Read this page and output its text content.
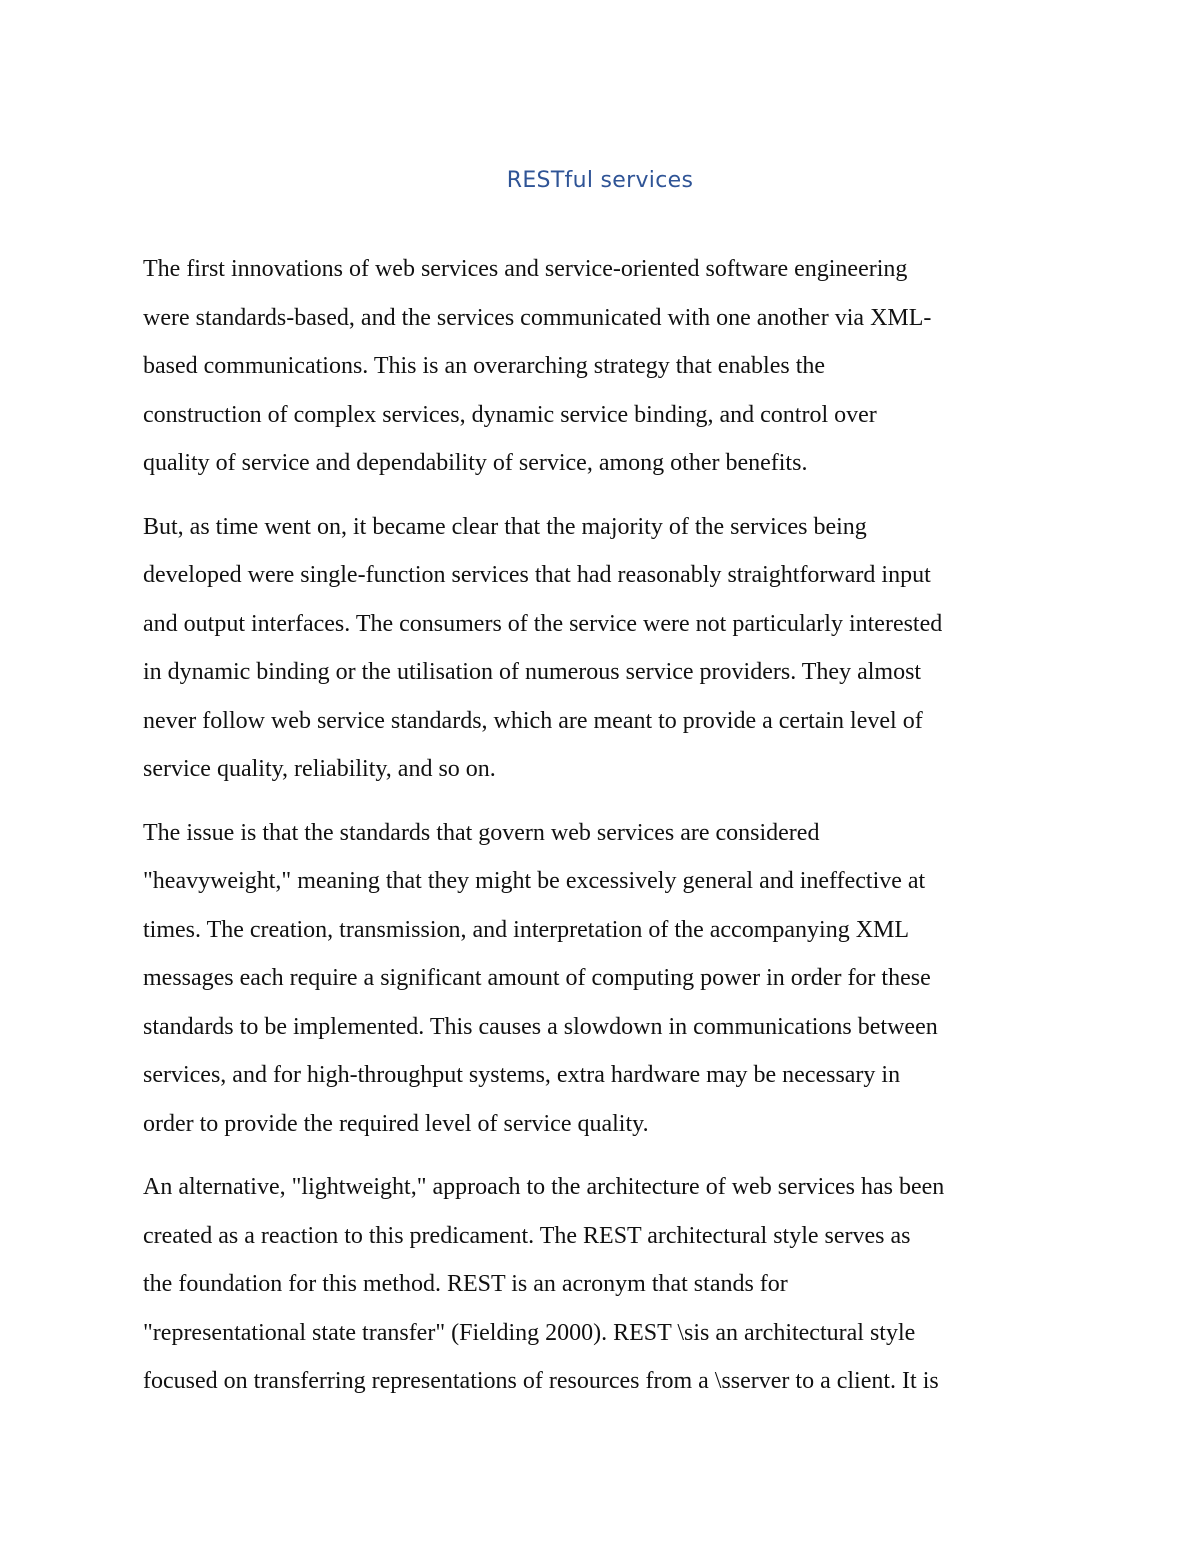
RESTful services

The first innovations of web services and service-oriented software engineering
were standards-based, and the services communicated with one another via XML-
based communications. This is an overarching strategy that enables the
construction of complex services, dynamic service binding, and control over
quality of service and dependability of service, among other benefits.

But, as time went on, it became clear that the majority of the services being
developed were single-function services that had reasonably straightforward input
and output interfaces. The consumers of the service were not particularly interested
in dynamic binding or the utilisation of numerous service providers. They almost
never follow web service standards, which are meant to provide a certain level of
service quality, reliability, and so on.

The issue is that the standards that govern web services are considered
"heavyweight," meaning that they might be excessively general and ineffective at
times. The creation, transmission, and interpretation of the accompanying XML
messages each require a significant amount of computing power in order for these
standards to be implemented. This causes a slowdown in communications between
services, and for high-throughput systems, extra hardware may be necessary in
order to provide the required level of service quality.

An alternative, "lightweight," approach to the architecture of web services has been
created as a reaction to this predicament. The REST architectural style serves as
the foundation for this method. REST is an acronym that stands for
"representational state transfer" (Fielding 2000). REST \sis an architectural style
focused on transferring representations of resources from a \sserver to a client. It is
